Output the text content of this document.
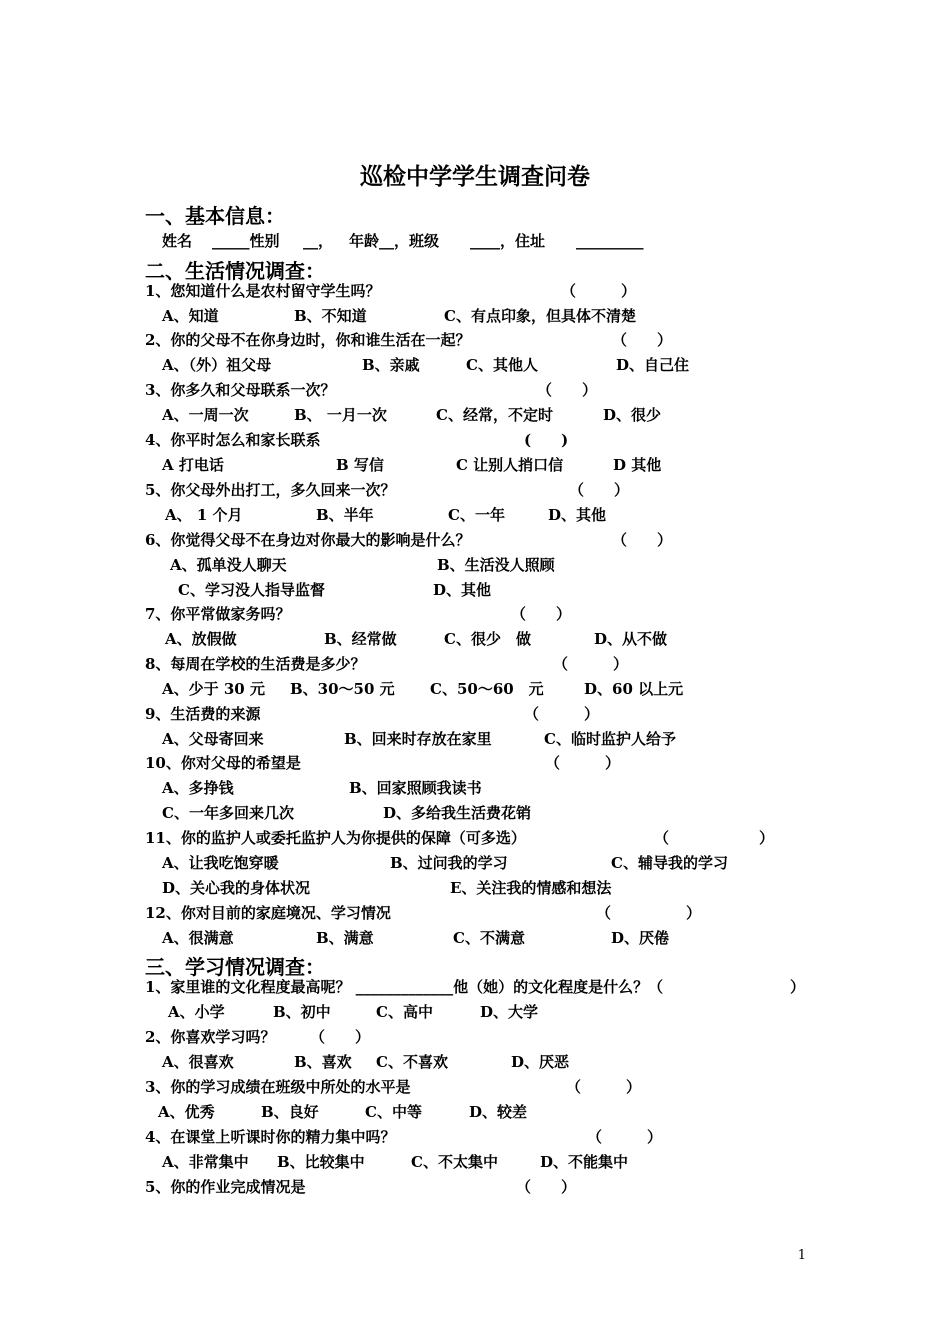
巡检中学学生调查问卷
一、基本信息：
姓名 _____性别 __， 年龄__，班级 ____，住址 _________
二、生活情况调查：
1、您知道什么是农村留守学生吗？	（　　　）
A、知道	B、不知道	C、有点印象，但具体不清楚
2、你的父母不在你身边时，你和谁生活在一起？	（　　）
A、（外）祖父母	B、亲戚	C、其他人	D、自己住
3、你多久和父母联系一次？	（　　）
A、一周一次	B、 一月一次	C、经常，不定时	D、很少
4、你平时怎么和家长联系	(　　)
A 打电话	B 写信	C 让别人捎口信	D 其他
5、你父母外出打工，多久回来一次？	（　　）
A、 1 个月	B、半年	C、一年	D、其他
6、你觉得父母不在身边对你最大的影响是什么？	（　　）
A、孤单没人聊天	B、生活没人照顾
C、学习没人指导监督	D、其他
7、你平常做家务吗？	（　　）
A、放假做	B、经常做	C、很少　做	D、从不做
8、每周在学校的生活费是多少？	（　　　）
A、少于 30 元 B、30～50 元 C、50～60　元	D、60 以上元
9、生活费的来源	（　　　）
A、父母寄回来	B、回来时存放在家里	C、临时监护人给予
10、你对父母的希望是	（　　　）
A、多挣钱	B、回家照顾我读书
C、一年多回来几次	D、多给我生活费花销
11、你的监护人或委托监护人为你提供的保障（可多选）	（　　　　　　）
A、让我吃饱穿暖	B、过问我的学习	C、辅导我的学习
D、关心我的身体状况	E、关注我的情感和想法
12、你对目前的家庭境况、学习情况	（　　　　　）
A、很满意	B、满意	C、不满意	D、厌倦
三、学习情况调查：
1、家里谁的文化程度最高呢？ _____________他（她）的文化程度是什么？（	）
A、小学	B、初中	C、高中	D、大学
2、你喜欢学习吗？ （　　）
A、很喜欢	B、喜欢 C、不喜欢	D、厌恶
3、你的学习成绩在班级中所处的水平是	（　　　）
A、优秀	B、良好	C、中等	D、较差
4、在课堂上听课时你的精力集中吗？	（　　　）
A、非常集中 B、比较集中	C、不太集中	D、不能集中
5、你的作业完成情况是	（　　）
1
